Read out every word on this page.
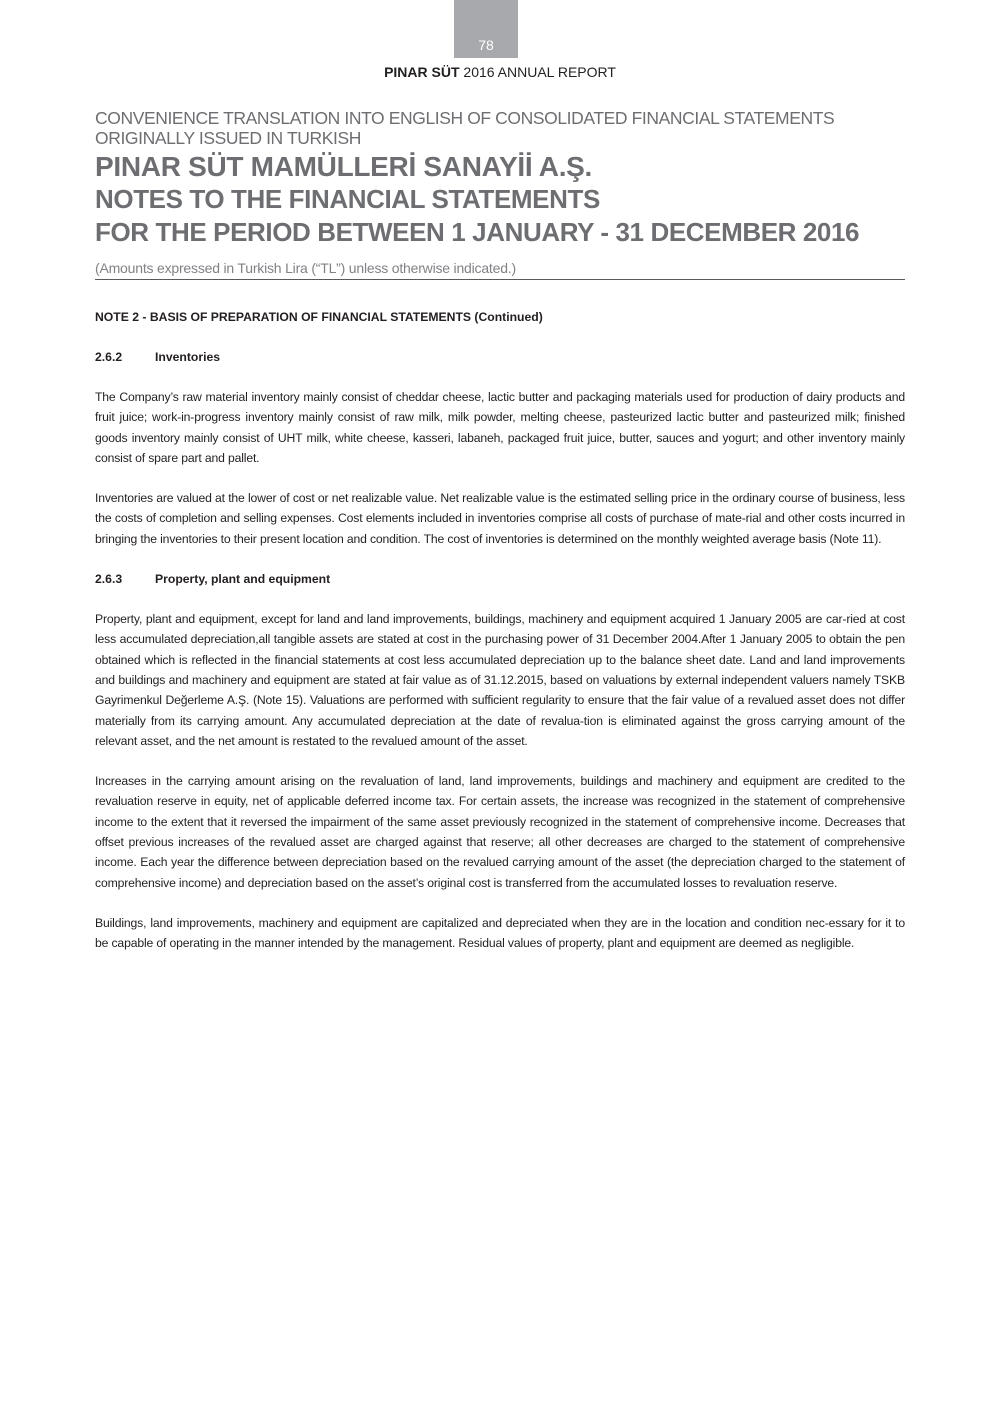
78
PINAR SÜT 2016 ANNUAL REPORT

CONVENIENCE TRANSLATION INTO ENGLISH OF CONSOLIDATED FINANCIAL STATEMENTS

ORIGINALLY ISSUED IN TURKISH

PINAR SÜT MAMÜLLERİ SANAYİİ A.Ş.
NOTES TO THE FINANCIAL STATEMENTS
FOR THE PERIOD BETWEEN 1 JANUARY - 31 DECEMBER 2016

(Amounts expressed in Turkish Lira (“TL”) unless otherwise indicated.)

NOTE 2 - BASIS OF PREPARATION OF FINANCIAL STATEMENTS (Continued)

2.6.2	Inventories

The Company’s raw material inventory mainly consist of cheddar cheese, lactic butter and packaging materials used for production of dairy products and fruit juice; work-in-progress inventory mainly consist of raw milk, milk powder, melting cheese, pasteurized lactic butter and pasteurized milk; finished goods inventory mainly consist of UHT milk, white cheese, kasseri, labaneh, packaged fruit juice, butter, sauces and yogurt; and other inventory mainly consist of spare part and pallet.

Inventories are valued at the lower of cost or net realizable value. Net realizable value is the estimated selling price in the ordinary course of business, less the costs of completion and selling expenses. Cost elements included in inventories comprise all costs of purchase of mate-rial and other costs incurred in bringing the inventories to their present location and condition. The cost of inventories is determined on the monthly weighted average basis (Note 11).

2.6.3	Property, plant and equipment

Property, plant and equipment, except for land and land improvements, buildings, machinery and equipment acquired 1 January 2005 are car-ried at cost less accumulated depreciation,all tangible assets are stated at cost in the purchasing power of 31 December 2004.After 1 January 2005 to obtain the pen obtained which is reflected in the financial statements at cost less accumulated depreciation up to the balance sheet date. Land and land improvements and buildings and machinery and equipment are stated at fair value as of 31.12.2015, based on valuations by external independent valuers namely TSKB Gayrimenkul Değerleme A.Ş. (Note 15). Valuations are performed with sufficient regularity to ensure that the fair value of a revalued asset does not differ materially from its carrying amount. Any accumulated depreciation at the date of revalua-tion is eliminated against the gross carrying amount of the relevant asset, and the net amount is restated to the revalued amount of the asset.

Increases in the carrying amount arising on the revaluation of land, land improvements, buildings and machinery and equipment are credited to the revaluation reserve in equity, net of applicable deferred income tax. For certain assets, the increase was recognized in the statement of comprehensive income to the extent that it reversed the impairment of the same asset previously recognized in the statement of comprehensive income. Decreases that offset previous increases of the revalued asset are charged against that reserve; all other decreases are charged to the statement of comprehensive income. Each year the difference between depreciation based on the revalued carrying amount of the asset (the depreciation charged to the statement of comprehensive income) and depreciation based on the asset’s original cost is transferred from the accumulated losses to revaluation reserve.

Buildings, land improvements, machinery and equipment are capitalized and depreciated when they are in the location and condition nec-essary for it to be capable of operating in the manner intended by the management. Residual values of property, plant and equipment are deemed as negligible.
